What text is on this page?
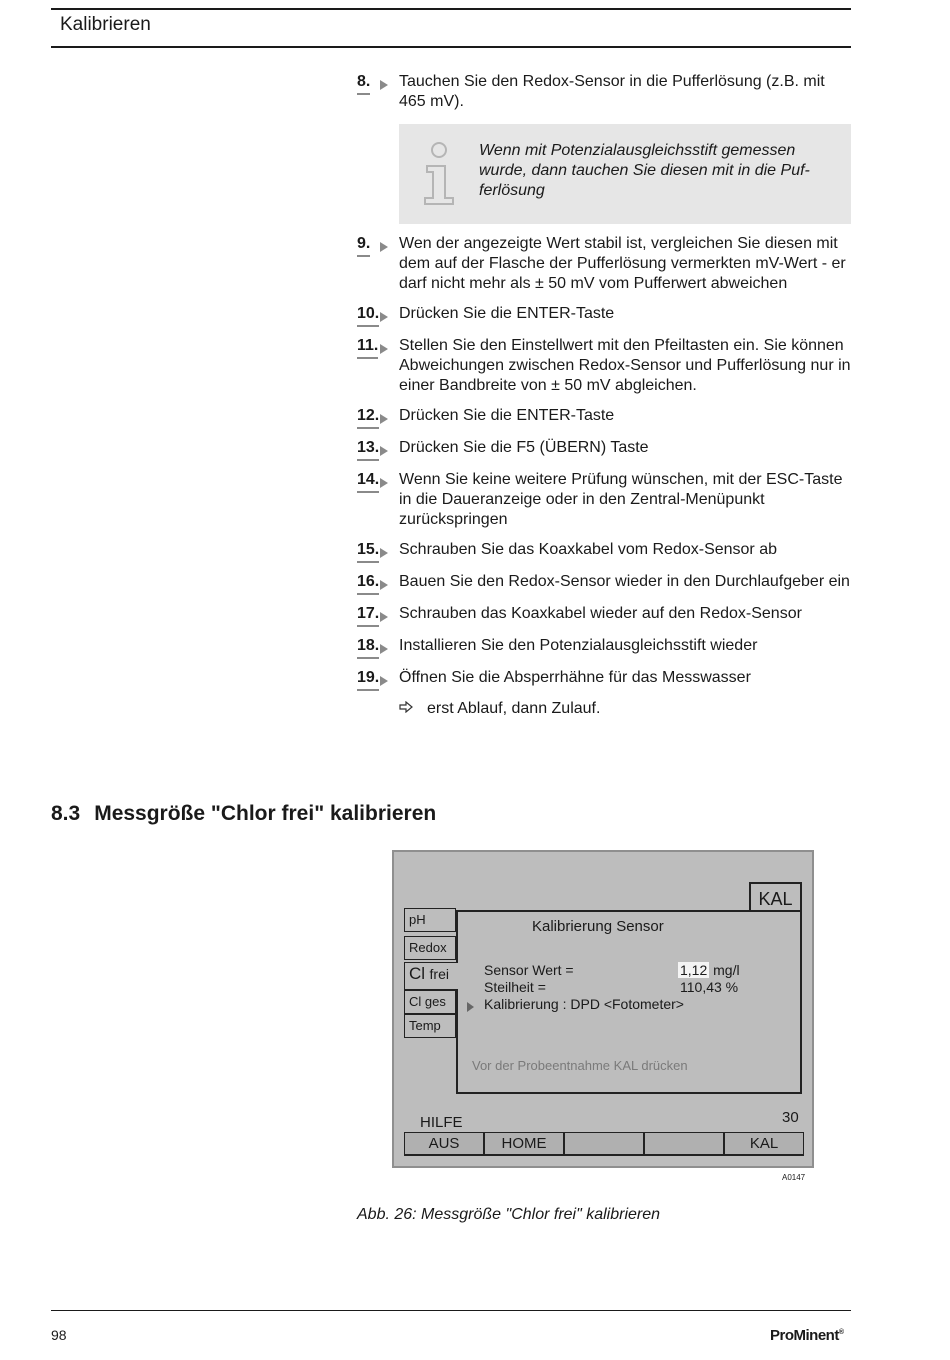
Kalibrieren
8.	Tauchen Sie den Redox-Sensor in die Pufferlösung (z.B. mit 465 mV).
Wenn mit Potenzialausgleichsstift gemessen wurde, dann tauchen Sie diesen mit in die Pufferlösung
9.	Wen der angezeigte Wert stabil ist, vergleichen Sie diesen mit dem auf der Flasche der Pufferlösung vermerkten mV-Wert - er darf nicht mehr als ± 50 mV vom Pufferwert abweichen
10.	Drücken Sie die ENTER-Taste
11.	Stellen Sie den Einstellwert mit den Pfeiltasten ein. Sie können Abweichungen zwischen Redox-Sensor und Pufferlösung nur in einer Bandbreite von ± 50 mV abgleichen.
12.	Drücken Sie die ENTER-Taste
13.	Drücken Sie die F5 (ÜBERN) Taste
14.	Wenn Sie keine weitere Prüfung wünschen, mit der ESC-Taste in die Daueranzeige oder in den Zentral-Menüpunkt zurückspringen
15.	Schrauben Sie das Koaxkabel vom Redox-Sensor ab
16.	Bauen Sie den Redox-Sensor wieder in den Durchlaufgeber ein
17.	Schrauben das Koaxkabel wieder auf den Redox-Sensor
18.	Installieren Sie den Potenzialausgleichsstift wieder
19.	Öffnen Sie die Absperrhähne für das Messwasser
erst Ablauf, dann Zulauf.
8.3 Messgröße "Chlor frei" kalibrieren
KAL
Kalibrierung Sensor
Sensor Wert =	1,12 mg/l
Steilheit =	110,43 %
Kalibrierung : DPD <Fotometer>
Vor der Probeentnahme KAL drücken
pH
Redox
Cl frei
Cl ges
Temp
HILFE	30
AUS	HOME	KAL
A0147
Abb. 26: Messgröße "Chlor frei" kalibrieren
98	ProMinent®
